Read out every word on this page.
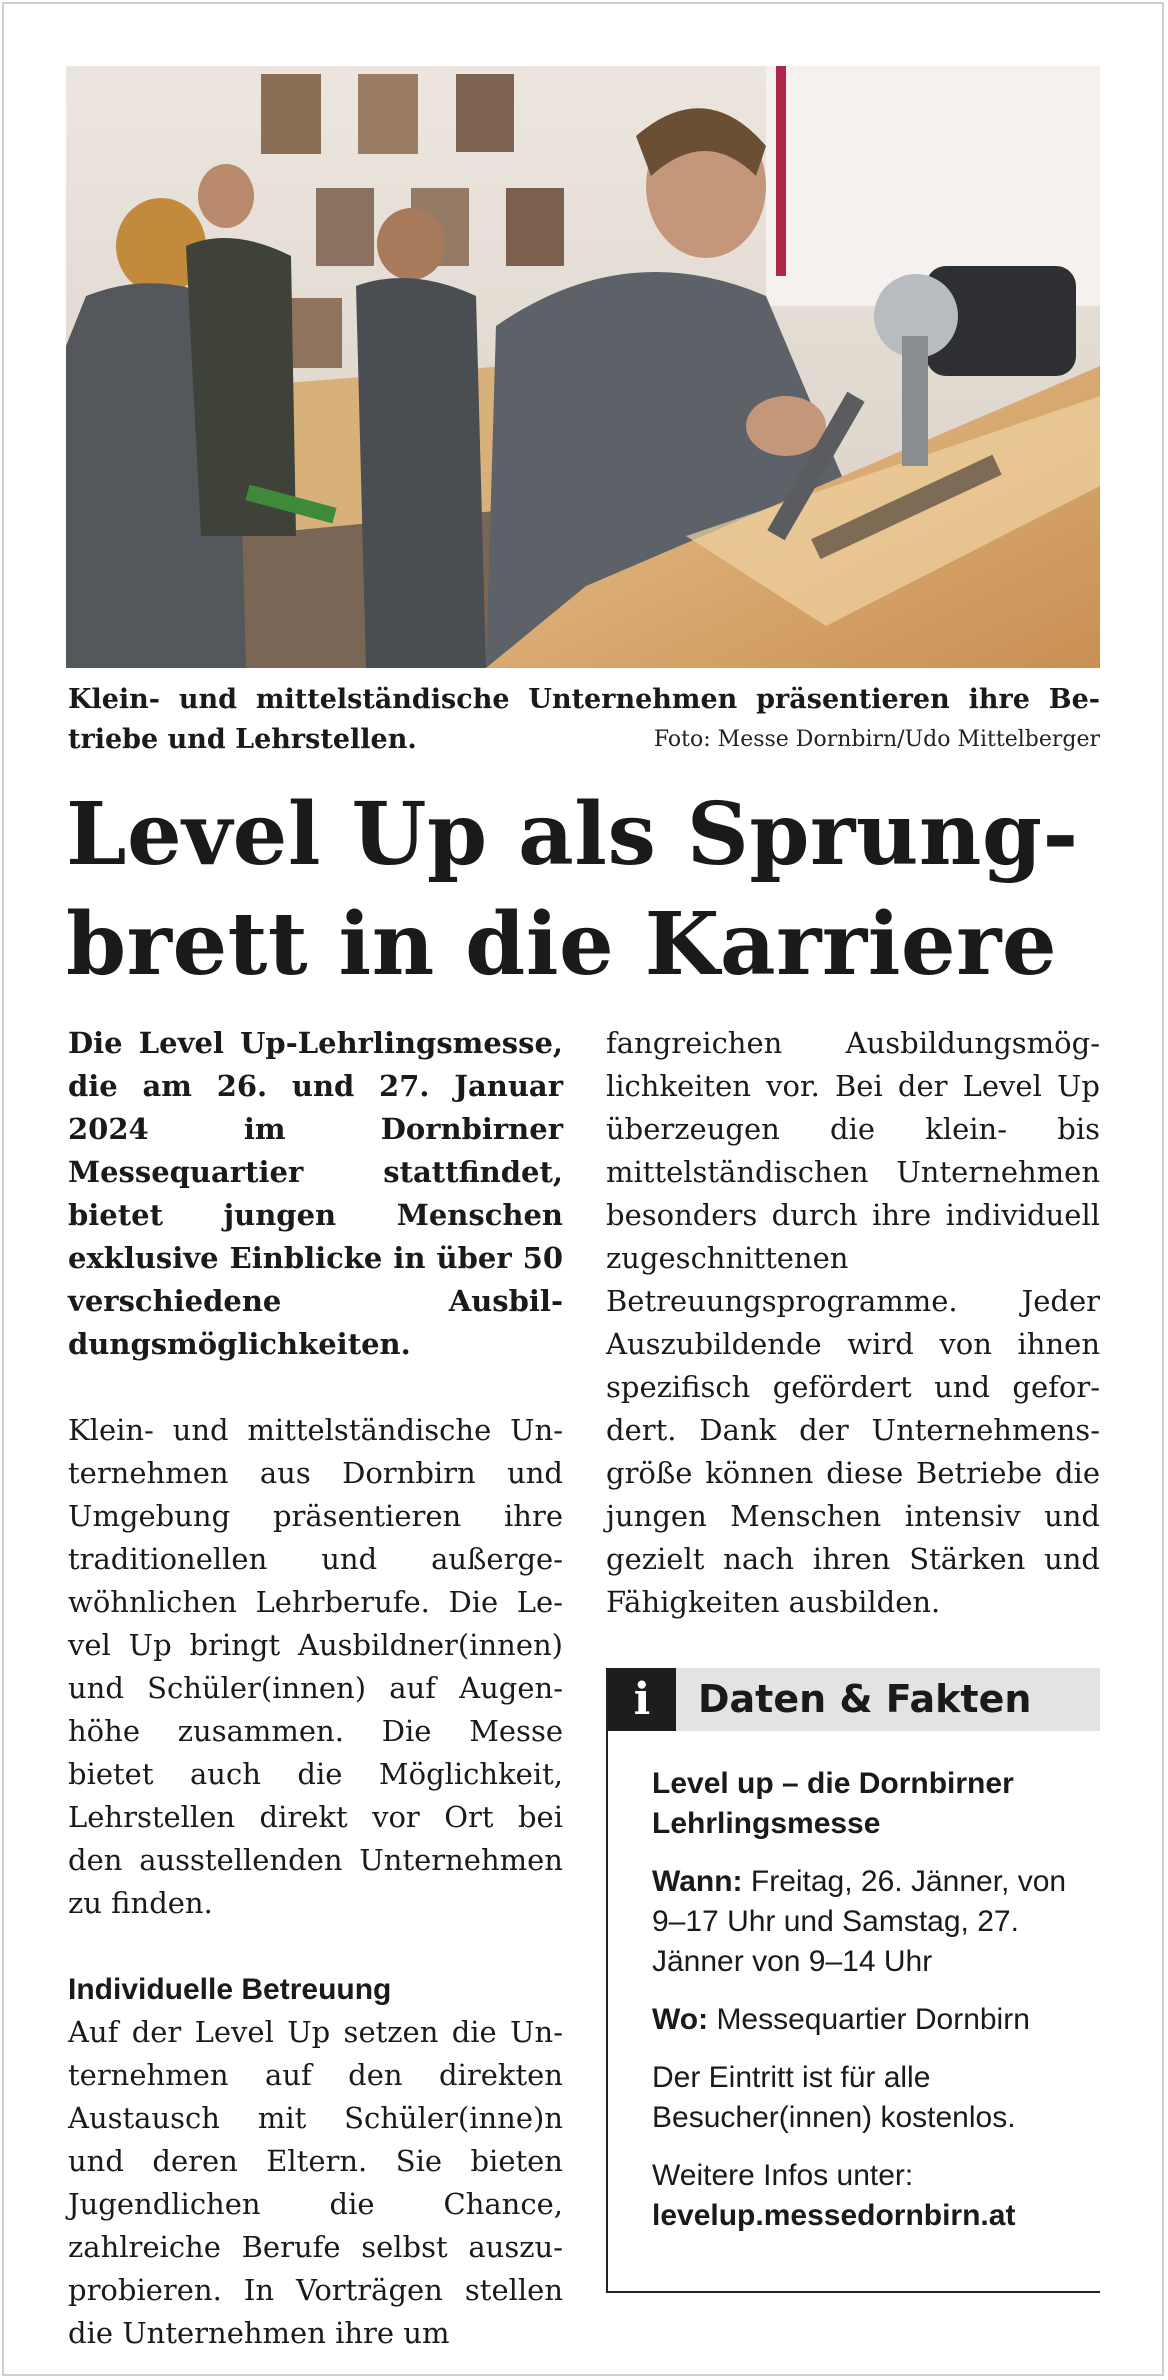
Klein- und mittelständische Unternehmen präsentieren ihre Betriebe und Lehrstellen.	Foto: Messe Dornbirn/Udo Mittelberger
Level Up als Sprung-
brett in die Karriere

Die Level Up-Lehrlingsmesse, die am 26. und 27. Januar 2024 im Dornbirner Messequartier stattfindet, bietet jungen Menschen exklusive Einblicke in über 50 verschiedene Ausbildungsmöglichkeiten.

Klein- und mittelständische Unternehmen aus Dornbirn und Umgebung präsentieren ihre traditionellen und außergewöhnlichen Lehrberufe. Die Level Up bringt Ausbildner(innen) und Schüler(innen) auf Augenhöhe zusammen. Die Messe bietet auch die Möglichkeit, Lehrstellen direkt vor Ort bei den ausstellenden Unternehmen zu finden.

Individuelle Betreuung

Auf der Level Up setzen die Unternehmen auf den direkten Austausch mit Schüler(inne)n und deren Eltern. Sie bieten Jugendlichen die Chance, zahlreiche Berufe selbst auszuprobieren. In Vorträgen stellen die Unternehmen ihre um

fangreichen Ausbildungsmöglichkeiten vor. Bei der Level Up überzeugen die klein- bis mittelständischen Unternehmen besonders durch ihre individuell zugeschnittenen Betreuungsprogramme. Jeder Auszubildende wird von ihnen spezifisch gefördert und gefordert. Dank der Unternehmensgröße können diese Betriebe die jungen Menschen intensiv und gezielt nach ihren Stärken und Fähigkeiten ausbilden.

i	Daten & Fakten

Level up – die Dornbirner Lehrlingsmesse

Wann: Freitag, 26. Jänner, von 9–17 Uhr und Samstag, 27. Jänner von 9–14 Uhr

Wo: Messequartier Dornbirn

Der Eintritt ist für alle Besucher(innen) kostenlos.

Weitere Infos unter:
levelup.messedornbirn.at
